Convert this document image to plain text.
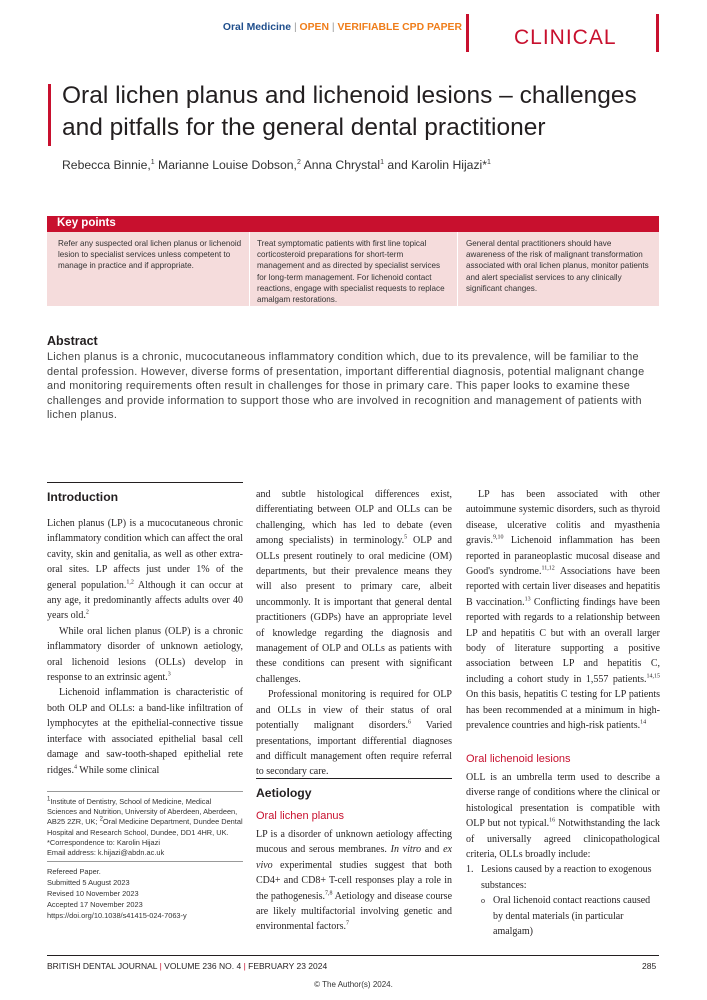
Oral Medicine | OPEN | VERIFIABLE CPD PAPER CLINICAL
Oral lichen planus and lichenoid lesions – challenges and pitfalls for the general dental practitioner
Rebecca Binnie,$^1$ Marianne Louise Dobson,$^2$ Anna Chrystal$^1$ and Karolin Hijazi*$^1$
Key points
Refer any suspected oral lichen planus or lichenoid lesion to specialist services unless competent to manage in practice and if appropriate.
Treat symptomatic patients with first line topical corticosteroid preparations for short-term management and as directed by specialist services for long-term management. For lichenoid contact reactions, engage with specialist requests to replace amalgam restorations.
General dental practitioners should have awareness of the risk of malignant transformation associated with oral lichen planus, monitor patients and alert specialist services to any clinically significant changes.
Abstract
Lichen planus is a chronic, mucocutaneous inflammatory condition which, due to its prevalence, will be familiar to the dental profession. However, diverse forms of presentation, important differential diagnosis, potential malignant change and monitoring requirements often result in challenges for those in primary care. This paper looks to examine these challenges and provide information to support those who are involved in recognition and management of patients with lichen planus.
Introduction

Lichen planus (LP) is a mucocutaneous chronic inflammatory condition which can affect the oral cavity, skin and genitalia, as well as other extra-oral sites. LP affects just under 1% of the general population.$^{1,2}$ Although it can occur at any age, it predominantly affects adults over 40 years old.$^2$

While oral lichen planus (OLP) is a chronic inflammatory disorder of unknown aetiology, oral lichenoid lesions (OLLs) develop in response to an extrinsic agent.$^3$

Lichenoid inflammation is characteristic of both OLP and OLLs: a band-like infiltration of lymphocytes at the epithelial-connective tissue interface with associated epithelial basal cell damage and saw-tooth-shaped epithelial rete ridges.$^4$ While some clinical

$^1$Institute of Dentistry, School of Medicine, Medical Sciences and Nutrition, University of Aberdeen, Aberdeen, AB25 2ZR, UK; $^2$Oral Medicine Department, Dundee Dental Hospital and Research School, Dundee, DD1 4HR, UK.
*Correspondence to: Karolin Hijazi
Email address: k.hijazi@abdn.ac.uk
Refereed Paper.
Submitted 5 August 2023
Revised 10 November 2023
Accepted 17 November 2023
https://doi.org/10.1038/s41415-024-7063-y

and subtle histological differences exist, differentiating between OLP and OLLs can be challenging, which has led to debate (even among specialists) in terminology.$^5$ OLP and OLLs present routinely to oral medicine (OM) departments, but their prevalence means they will also present to primary care, albeit uncommonly. It is important that general dental practitioners (GDPs) have an appropriate level of knowledge regarding the diagnosis and management of OLP and OLLs as patients with these conditions can present with significant challenges.

Professional monitoring is required for OLP and OLLs in view of their status of oral potentially malignant disorders.$^6$ Varied presentations, important differential diagnoses and difficult management often require referral to secondary care.

Aetiology
Oral lichen planus

LP is a disorder of unknown aetiology affecting mucous and serous membranes. In vitro and ex vivo experimental studies suggest that both CD4+ and CD8+ T-cell responses play a role in the pathogenesis.$^{7,8}$ Aetiology and disease course are likely multifactorial involving genetic and environmental factors.$^7$

LP has been associated with other autoimmune systemic disorders, such as thyroid disease, ulcerative colitis and myasthenia gravis.$^{9,10}$ Lichenoid inflammation has been reported in paraneoplastic mucosal disease and Good's syndrome.$^{11,12}$ Associations have been reported with certain liver diseases and hepatitis B vaccination.$^{13}$ Conflicting findings have been reported with regards to a relationship between LP and hepatitis C but with an overall larger body of literature supporting a positive association between LP and hepatitis C, including a cohort study in 1,557 patients.$^{14,15}$ On this basis, hepatitis C testing for LP patients has been recommended at a minimum in high-prevalence countries and high-risk patients.$^{14}$

Oral lichenoid lesions

OLL is an umbrella term used to describe a diverse range of conditions where the clinical or histological presentation is compatible with OLP but not typical.$^{16}$ Notwithstanding the lack of universally agreed clinicopathological criteria, OLLs broadly include:

1. Lesions caused by a reaction to exogenous substances:

o Oral lichenoid contact reactions caused by dental materials (in particular amalgam)

BRITISH DENTAL JOURNAL | VOLUME 236 NO. 4 | FEBRUARY 23 2024	285
© The Author(s) 2024.
